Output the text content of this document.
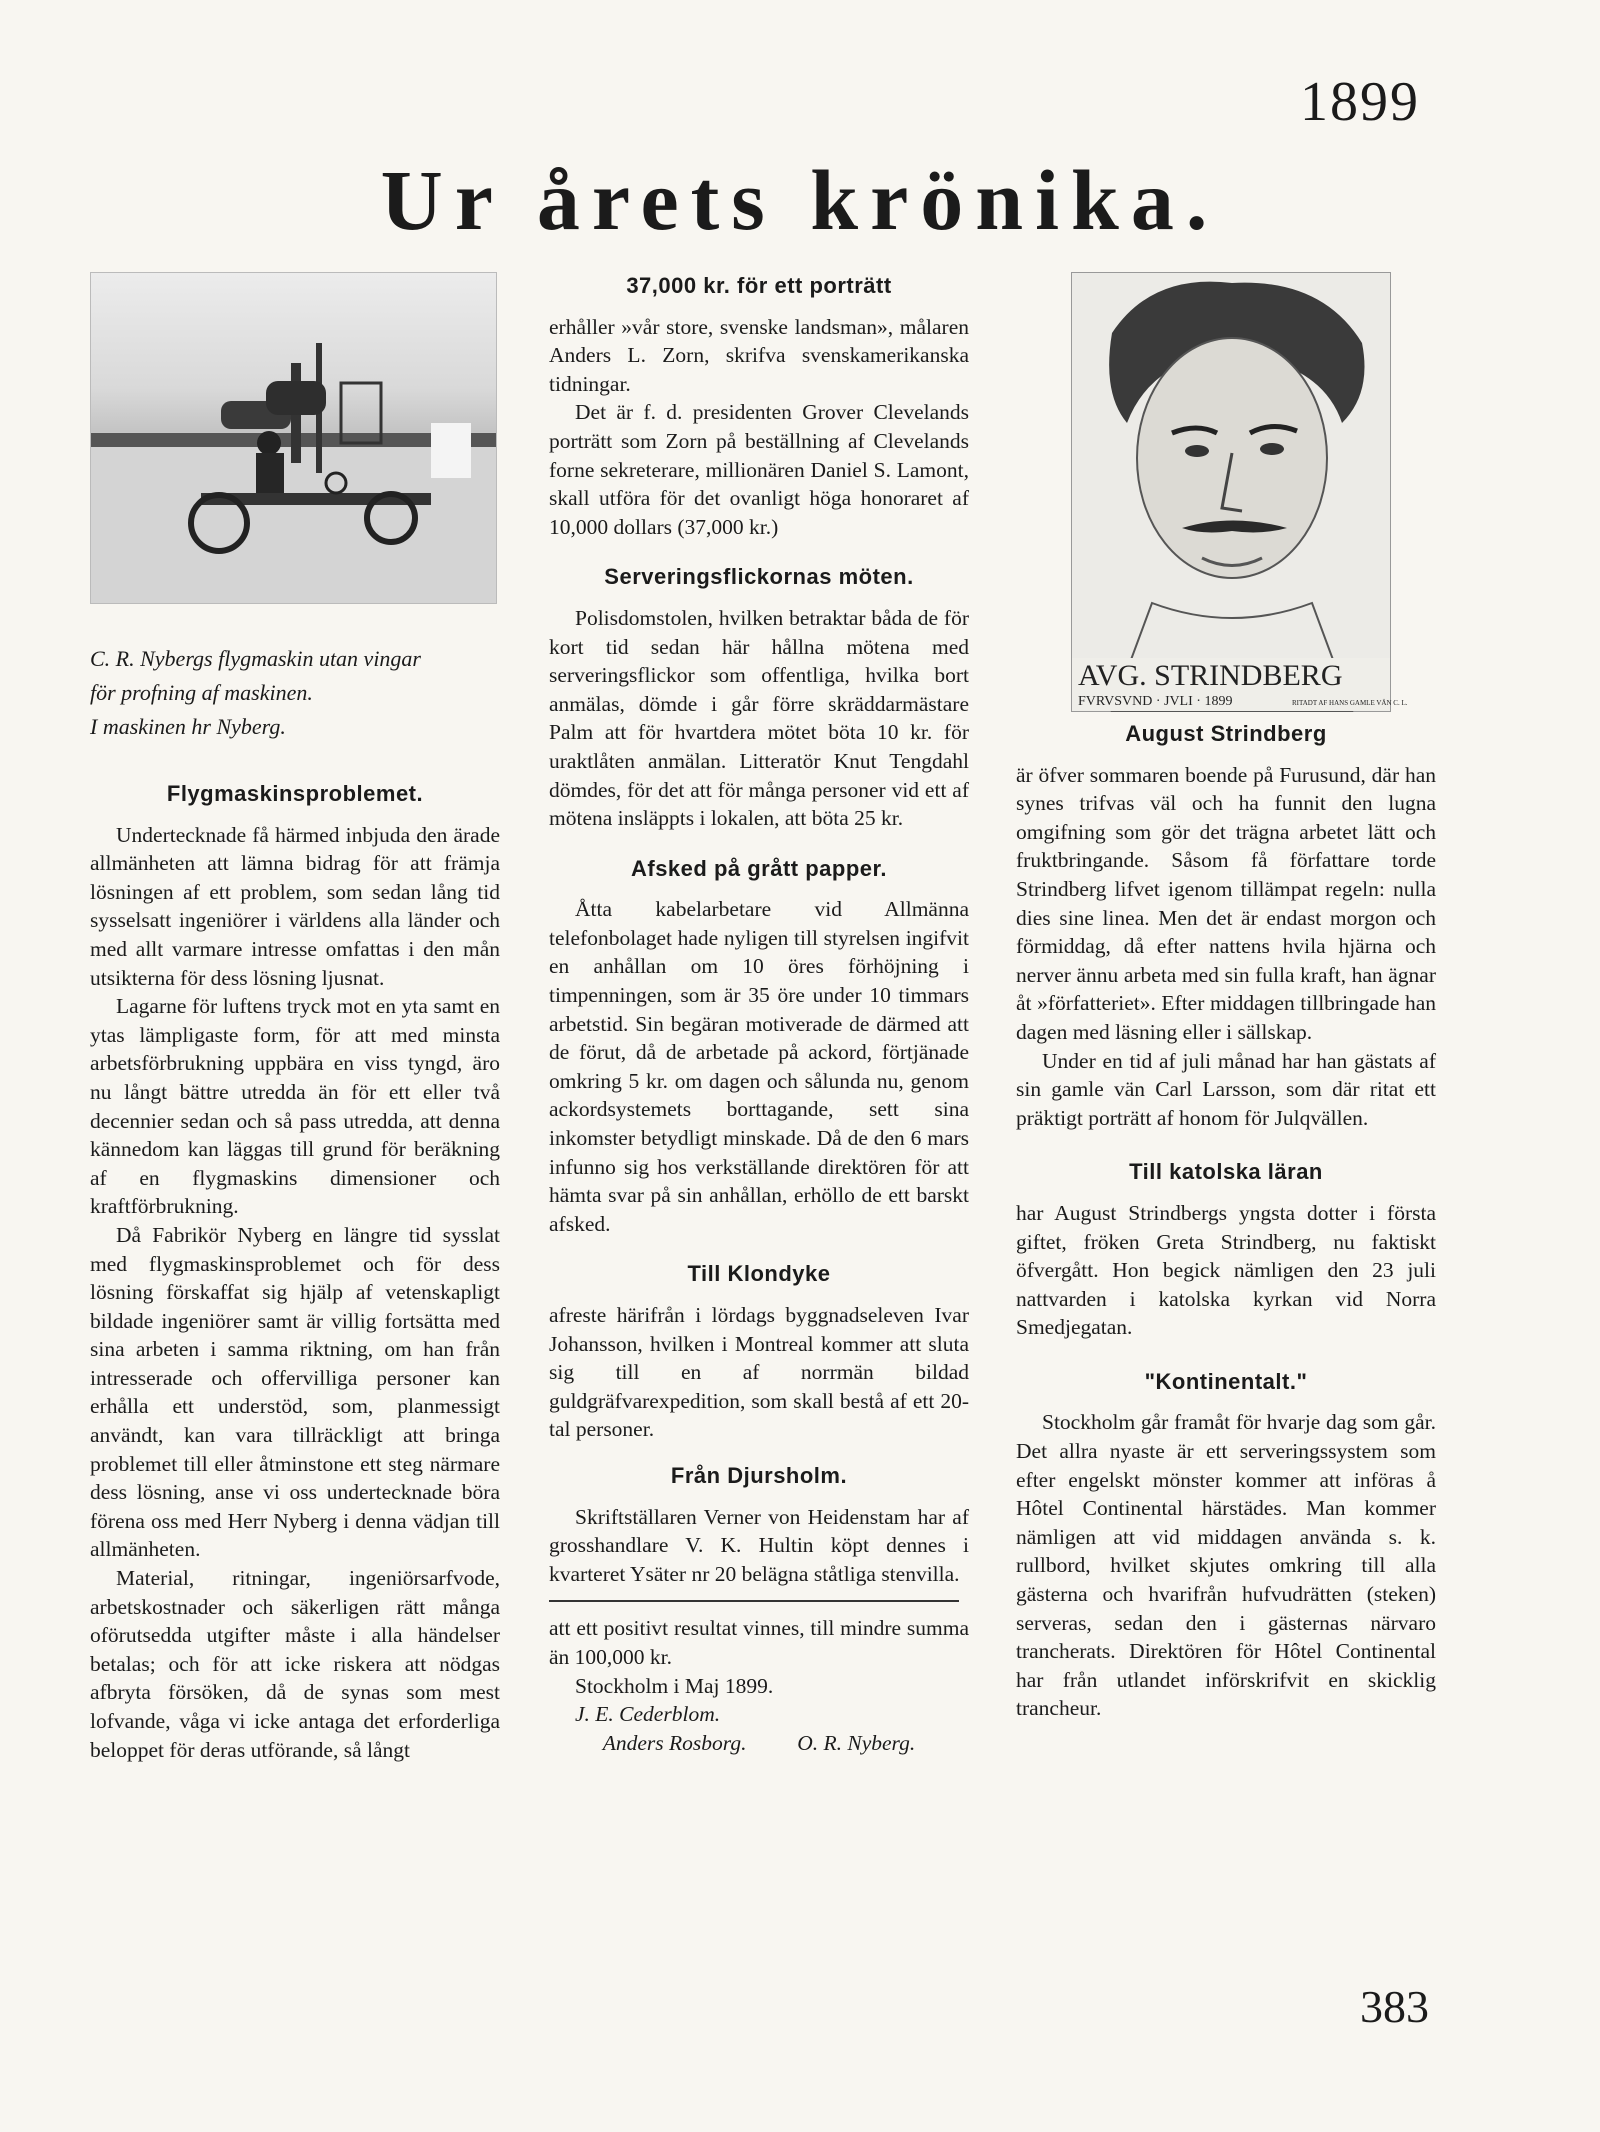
1899
Ur årets krönika.

C. R. Nybergs flygmaskin utan vingar

för profning af maskinen.

I maskinen hr Nyberg.

Flygmaskinsproblemet.

Undertecknade få härmed inbjuda den ärade allmänheten att lämna bidrag för att främja lösningen af ett problem, som sedan lång tid sysselsatt ingeniörer i världens alla länder och med allt varmare intresse omfattas i den mån utsikterna för dess lösning ljusnat.

Lagarne för luftens tryck mot en yta samt en ytas lämpligaste form, för att med minsta arbetsförbrukning uppbära en viss tyngd, äro nu långt bättre utredda än för ett eller två decennier sedan och så pass utredda, att denna kännedom kan läggas till grund för beräkning af en flygmaskins dimensioner och kraftförbrukning.

Då Fabrikör Nyberg en längre tid sysslat med flygmaskinsproblemet och för dess lösning förskaffat sig hjälp af vetenskapligt bildade ingeniörer samt är villig fortsätta med sina arbeten i samma riktning, om han från intresserade och offervilliga personer kan erhålla ett understöd, som, planmessigt användt, kan vara tillräckligt att bringa problemet till eller åtminstone ett steg närmare dess lösning, anse vi oss undertecknade böra förena oss med Herr Nyberg i denna vädjan till allmänheten.

Material, ritningar, ingeniörsarfvode, arbetskostnader och säkerligen rätt många oförutsedda utgifter måste i alla händelser betalas; och för att icke riskera att nödgas afbryta försöken, då de synas som mest lofvande, våga vi icke antaga det erforderliga beloppet för deras utförande, så långt

37,000 kr. för ett porträtt

erhåller »vår store, svenske landsman», målaren Anders L. Zorn, skrifva svenskamerikanska tidningar.

Det är f. d. presidenten Grover Clevelands porträtt som Zorn på beställning af Clevelands forne sekreterare, millionären Daniel S. Lamont, skall utföra för det ovanligt höga honoraret af 10,000 dollars (37,000 kr.)

Serveringsflickornas möten.

Polisdomstolen, hvilken betraktar båda de för kort tid sedan här hållna mötena med serveringsflickor som offentliga, hvilka bort anmälas, dömde i går förre skräddarmästare Palm att för hvartdera mötet böta 10 kr. för uraktlåten anmälan. Litteratör Knut Tengdahl dömdes, för det att för många personer vid ett af mötena insläppts i lokalen, att böta 25 kr.

Afsked på grått papper.

Åtta kabelarbetare vid Allmänna telefonbolaget hade nyligen till styrelsen ingifvit en anhållan om 10 öres förhöjning i timpenningen, som är 35 öre under 10 timmars arbetstid. Sin begäran motiverade de därmed att de förut, då de arbetade på ackord, förtjänade omkring 5 kr. om dagen och sålunda nu, genom ackordsystemets borttagande, sett sina inkomster betydligt minskade. Då de den 6 mars infunno sig hos verkställande direktören för att hämta svar på sin anhållan, erhöllo de ett barskt afsked.

Till Klondyke

afreste härifrån i lördags byggnadseleven Ivar Johansson, hvilken i Montreal kommer att sluta sig till en af norrmän bildad guldgräfvarexpedition, som skall bestå af ett 20-tal personer.

Från Djursholm.

Skriftställaren Verner von Heidenstam har af grosshandlare V. K. Hultin köpt dennes i kvarteret Ysäter nr 20 belägna ståtliga stenvilla.

att ett positivt resultat vinnes, till mindre summa än 100,000 kr.

Stockholm i Maj 1899.

J. E. Cederblom.

Anders Rosborg. O. R. Nyberg.
AVG. STRINDBERG
FVRVSVND · JVLI · 1899	RITADT AF HANS GAMLE VÄN C. L.
August Strindberg

är öfver sommaren boende på Furusund, där han synes trifvas väl och ha funnit den lugna omgifning som gör det trägna arbetet lätt och fruktbringande. Såsom få författare torde Strindberg lifvet igenom tillämpat regeln: nulla dies sine linea. Men det är endast morgon och förmiddag, då efter nattens hvila hjärna och nerver ännu arbeta med sin fulla kraft, han ägnar åt »författeriet». Efter middagen tillbringade han dagen med läsning eller i sällskap.

Under en tid af juli månad har han gästats af sin gamle vän Carl Larsson, som där ritat ett präktigt porträtt af honom för Julqvällen.

Till katolska läran

har August Strindbergs yngsta dotter i första giftet, fröken Greta Strindberg, nu faktiskt öfvergått. Hon begick nämligen den 23 juli nattvarden i katolska kyrkan vid Norra Smedjegatan.

"Kontinentalt."

Stockholm går framåt för hvarje dag som går. Det allra nyaste är ett serveringssystem som efter engelskt mönster kommer att införas å Hôtel Continental härstädes. Man kommer nämligen att vid middagen använda s. k. rullbord, hvilket skjutes omkring till alla gästerna och hvarifrån hufvudrätten (steken) serveras, sedan den i gästernas närvaro trancherats. Direktören för Hôtel Continental har från utlandet införskrifvit en skicklig trancheur.

383
